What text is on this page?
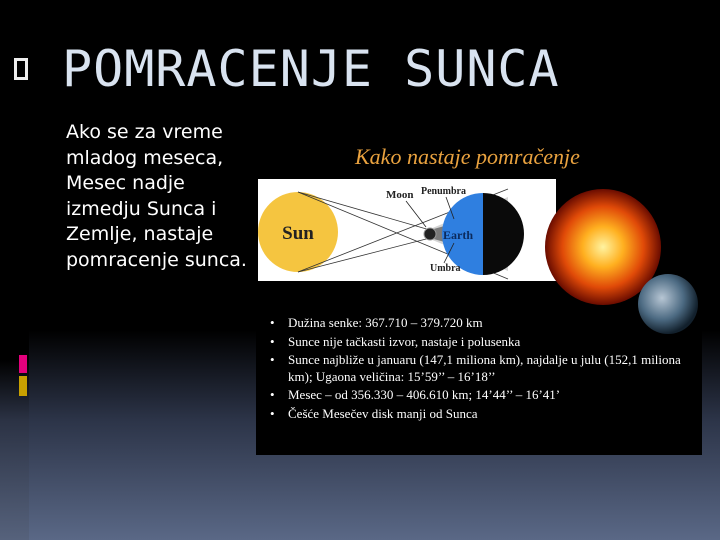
POMRACENJE SUNCA
Ako se za vreme mladog meseca, Mesec nadje izmedju Sunca i Zemlje, nastaje pomracenje sunca.
Kako nastaje pomračenje
Sun
Moon
Earth
Penumbra
Umbra
• Dužina senke: 367.710 – 379.720 km
• Sunce nije tačkasti izvor, nastaje i polusenka
• Sunce najbliže u januaru (147,1 miliona km), najdalje u julu (152,1 miliona km); Ugaona veličina: 15’59’’ – 16’18’’
• Mesec – od 356.330 – 406.610 km; 14’44’’ – 16’41’
• Češće Mesečev disk manji od Sunca
